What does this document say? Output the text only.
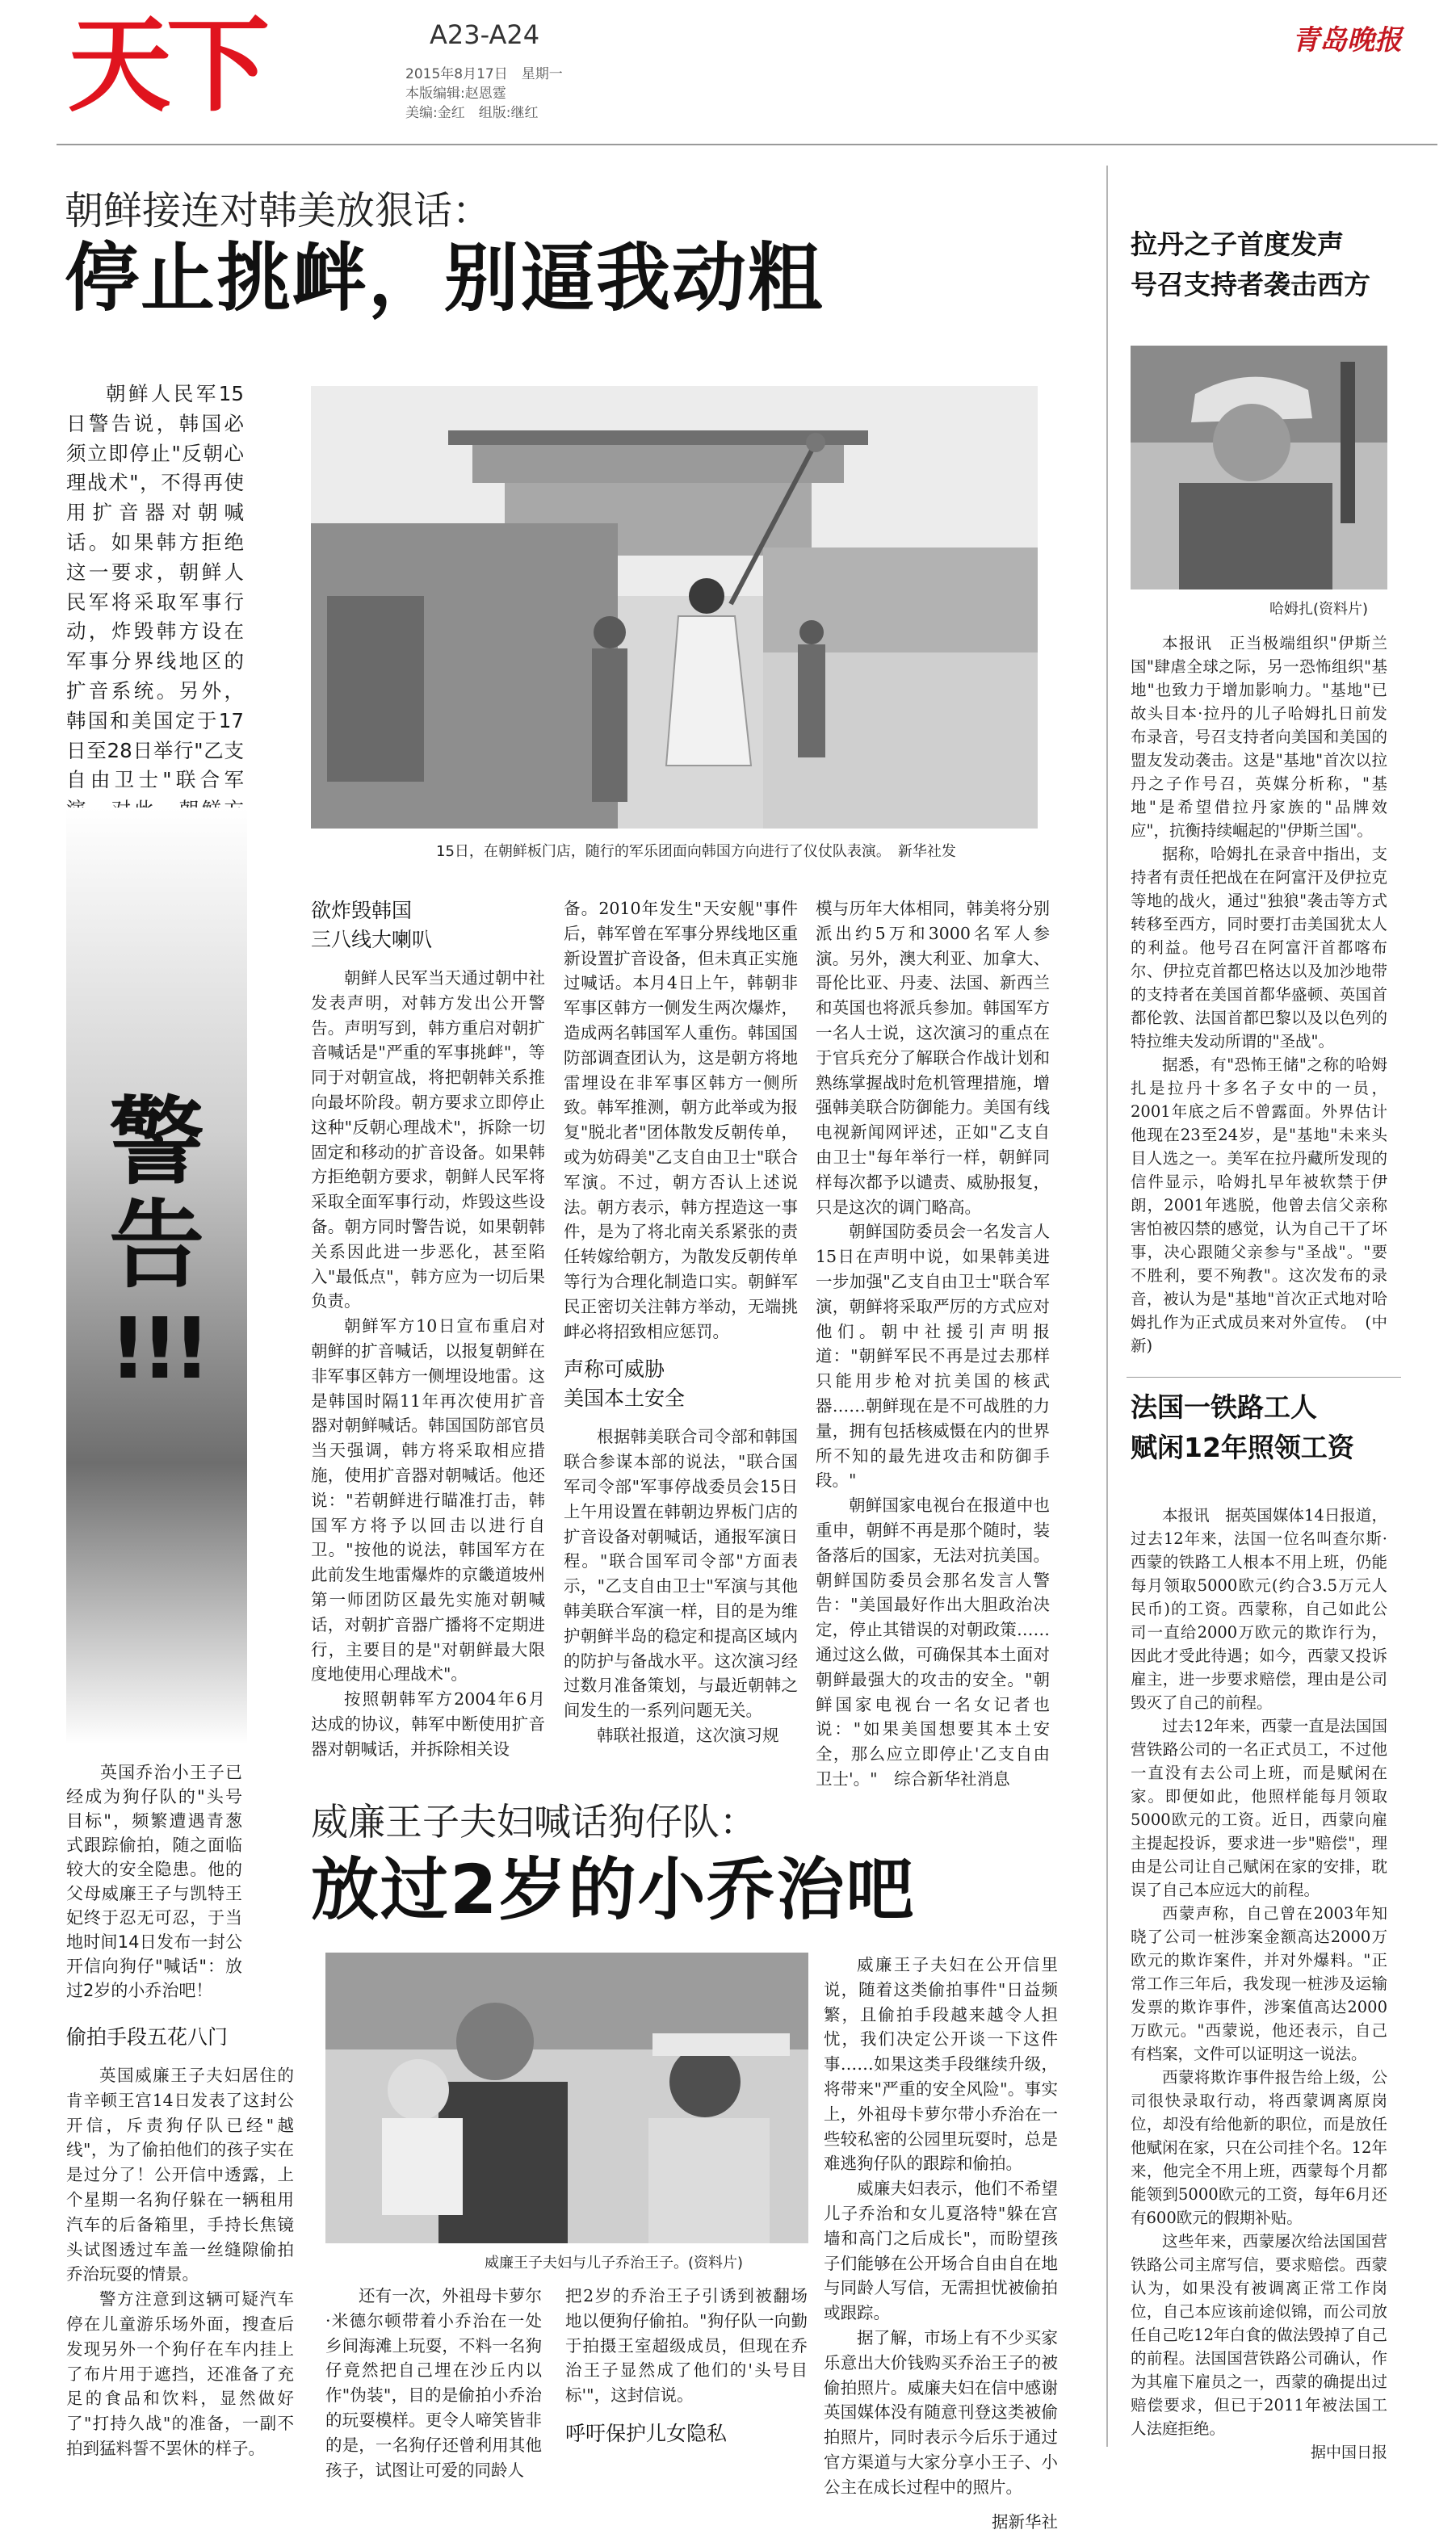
天下	A23-A24
2015年8月17日　星期一
本版编辑:赵恩霆
美编:金红　组版:继红
青岛晚报
朝鲜接连对韩美放狠话：
停止挑衅，别逼我动粗

朝鲜人民军15日警告说，韩国必须立即停止"反朝心理战术"，不得再使用扩音器对朝喊话。如果韩方拒绝这一要求，朝鲜人民军将采取军事行动，炸毁韩方设在军事分界线地区的扩音系统。另外，韩国和美国定于17日至28日举行"乙支自由卫士"联合军

警
告
!!!
15日，在朝鲜板门店，随行的军乐团面向韩国方向进行了仪仗队表演。　新华社发
欲炸毁韩国
三八线大喇叭

朝鲜人民军当天通过朝中社发表声明，对韩方发出公开警告。声明写到，韩方重启对朝扩音喊话是"严重的军事挑衅"，等同于对朝宣战，将把朝韩关系推向最坏阶段。朝方要求立即停止这种"反朝心理战术"，拆除一切固定和移动的扩音设备。如果韩方拒绝朝方要求，朝鲜人民军将采取全面军事行动，炸毁这些设备。朝方同时警告说，如果朝韩关系因此进一步恶化，甚至陷入"最低点"，韩方应为一切后果负责。

朝鲜军方10日宣布重启对朝鲜的扩音喊话，以报复朝鲜在非军事区韩方一侧埋设地雷。这是韩国时隔11年再次使用扩音器对朝鲜喊话。韩国国防部官员当天强调，韩方将采取相应措施，使用扩音器对朝喊话。他还说："若朝鲜进行瞄准打击，韩国军方将予以回击以进行自卫。"按他的说法，韩国军方在此前发生地雷爆炸的京畿道坡州第一师团防区最先实施对朝喊话，对朝扩音器广播将不定期进行，主要目的是"对朝鲜最大限度地使用心理战术"。

按照朝韩军方2004年6月达成的协议，韩军中断使用扩音器对朝喊话，并拆除相关设

备。2010年发生"天安舰"事件后，韩军曾在军事分界线地区重新设置扩音设备，但未真正实施过喊话。本月4日上午，韩朝非军事区韩方一侧发生两次爆炸，造成两名韩国军人重伤。韩国国防部调查团认为，这是朝方将地雷埋设在非军事区韩方一侧所致。韩军推测，朝方此举或为报复"脱北者"团体散发反朝传单，或为妨碍美"乙支自由卫士"联合军演。不过，朝方否认上述说法。朝方表示，韩方捏造这一事件，是为了将北南关系紧张的责任转嫁给朝方，为散发反朝传单等行为合理化制造口实。朝鲜军民正密切关注韩方举动，无端挑衅必将招致相应惩罚。

声称可威胁
美国本土安全

根据韩美联合司令部和韩国联合参谋本部的说法，"联合国军司令部"军事停战委员会15日上午用设置在韩朝边界板门店的扩音设备对朝喊话，通报军演日程。"联合国军司令部"方面表示，"乙支自由卫士"军演与其他韩美联合军演一样，目的是为维护朝鲜半岛的稳定和提高区域内的防护与备战水平。这次演习经过数月准备策划，与最近朝韩之间发生的一系列问题无关。

韩联社报道，这次演习规

模与历年大体相同，韩美将分别派出约5万和3000名军人参演。另外，澳大利亚、加拿大、哥伦比亚、丹麦、法国、新西兰和英国也将派兵参加。韩国军方一名人士说，这次演习的重点在于官兵充分了解联合作战计划和熟练掌握战时危机管理措施，增强韩美联合防御能力。美国有线电视新闻网评述，正如"乙支自由卫士"每年举行一样，朝鲜同样每次都予以谴责、威胁报复，只是这次的调门略高。

朝鲜国防委员会一名发言人15日在声明中说，如果韩美进一步加强"乙支自由卫士"联合军演，朝鲜将采取严厉的方式应对他们。朝中社援引声明报道："朝鲜军民不再是过去那样只能用步枪对抗美国的核武器……朝鲜现在是不可战胜的力量，拥有包括核威慑在内的世界所不知的最先进攻击和防御手段。"

朝鲜国家电视台在报道中也重申，朝鲜不再是那个随时，装备落后的国家，无法对抗美国。朝鲜国防委员会那名发言人警告："美国最好作出大胆政治决定，停止其错误的对朝政策……通过这么做，可确保其本土面对朝鲜最强大的攻击的安全。"朝鲜国家电视台一名女记者也说："如果美国想要其本土安全，那么应立即停止'乙支自由卫士'。"　综合新华社消息

英国乔治小王子已经成为狗仔队的"头号目标"，频繁遭遇青葱式跟踪偷拍，随之面临较大的安全隐患。他的父母威廉王子与凯特王妃终于忍无可忍，于当地时间14日发布一封公开信向狗仔"喊话"：放过2岁的小乔治吧！

威廉王子夫妇喊话狗仔队：
放过2岁的小乔治吧
威廉王子夫妇与儿子乔治王子。(资料片)
偷拍手段五花八门

英国威廉王子夫妇居住的肯辛顿王宫14日发表了这封公开信，斥责狗仔队已经"越线"，为了偷拍他们的孩子实在是过分了！公开信中透露，上个星期一名狗仔躲在一辆租用汽车的后备箱里，手持长焦镜头试图透过车盖一丝缝隙偷拍乔治玩耍的情景。

警方注意到这辆可疑汽车停在儿童游乐场外面，搜查后发现另外一个狗仔在车内挂上了布片用于遮挡，还准备了充足的食品和饮料，显然做好了"打持久战"的准备，一副不拍到猛料誓不罢休的样子。

还有一次，外祖母卡萝尔·米德尔顿带着小乔治在一处乡间海滩上玩耍，不料一名狗仔竟然把自己埋在沙丘内以作"伪装"，目的是偷拍小乔治的玩耍模样。更令人啼笑皆非的是，一名狗仔还曾利用其他孩子，试图让可爱的同龄人

把2岁的乔治王子引诱到被翻场地以便狗仔偷拍。"狗仔队一向勤于拍摄王室超级成员，但现在乔治王子显然成了他们的'头号目标'"，这封信说。

呼吁保护儿女隐私

威廉王子夫妇在公开信里说，随着这类偷拍事件"日益频繁，且偷拍手段越来越令人担忧，我们决定公开谈一下这件事……如果这类手段继续升级，将带来"严重的安全风险"。事实上，外祖母卡萝尔带小乔治在一些较私密的公园里玩耍时，总是难逃狗仔队的跟踪和偷拍。

威廉夫妇表示，他们不希望儿子乔治和女儿夏洛特"躲在宫墙和高门之后成长"，而盼望孩子们能够在公开场合自由自在地与同龄人写信，无需担忧被偷拍或跟踪。

据了解，市场上有不少买家乐意出大价钱购买乔治王子的被偷拍照片。威廉夫妇在信中感谢英国媒体没有随意刊登这类被偷拍照片，同时表示今后乐于通过官方渠道与大家分享小王子、小公主在成长过程中的照片。

据新华社
拉丹之子首度发声
号召支持者袭击西方
哈姆扎(资料片)

本报讯　正当极端组织"伊斯兰国"肆虐全球之际，另一恐怖组织"基地"也致力于增加影响力。"基地"已故头目本·拉丹的儿子哈姆扎日前发布录音，号召支持者向美国和美国的盟友发动袭击。这是"基地"首次以拉丹之子作号召，英媒分析称，"基地"是希望借拉丹家族的"品牌效应"，抗衡持续崛起的"伊斯兰国"。

据称，哈姆扎在录音中指出，支持者有责任把战在在阿富汗及伊拉克等地的战火，通过"独狼"袭击等方式转移至西方，同时要打击美国犹太人的利益。他号召在阿富汗首都喀布尔、伊拉克首都巴格达以及加沙地带的支持者在美国首都华盛顿、英国首都伦敦、法国首都巴黎以及以色列的特拉维夫发动所谓的"圣战"。

据悉，有"恐怖王储"之称的哈姆扎是拉丹十多名子女中的一员，2001年底之后不曾露面。外界估计他现在23至24岁，是"基地"未来头目人选之一。美军在拉丹藏所发现的信件显示，哈姆扎早年被软禁于伊朗，2001年逃脱，他曾去信父亲称害怕被囚禁的感觉，认为自己干了坏事，决心跟随父亲参与"圣战"。"要不胜利，要不殉教"。这次发布的录音，被认为是"基地"首次正式地对哈姆扎作为正式成员来对外宣传。　(中新)

法国一铁路工人
赋闲12年照领工资

本报讯　据英国媒体14日报道，过去12年来，法国一位名叫查尔斯·西蒙的铁路工人根本不用上班，仍能每月领取5000欧元(约合3.5万元人民币)的工资。西蒙称，自己如此公司一直给2000万欧元的欺诈行为，因此才受此待遇；如今，西蒙又投诉雇主，进一步要求赔偿，理由是公司毁灭了自己的前程。

过去12年来，西蒙一直是法国国营铁路公司的一名正式员工，不过他一直没有去公司上班，而是赋闲在家。即便如此，他照样能每月领取5000欧元的工资。近日，西蒙向雇主提起投诉，要求进一步"赔偿"，理由是公司让自己赋闲在家的安排，耽误了自己本应远大的前程。

西蒙声称，自己曾在2003年知晓了公司一桩涉案金额高达2000万欧元的欺诈案件，并对外爆料。"正常工作三年后，我发现一桩涉及运输发票的欺诈事件，涉案值高达2000万欧元。"西蒙说，他还表示，自己有档案，文件可以证明这一说法。

西蒙将欺诈事件报告给上级，公司很快录取行动，将西蒙调离原岗位，却没有给他新的职位，而是放任他赋闲在家，只在公司挂个名。12年来，他完全不用上班，西蒙每个月都能领到5000欧元的工资，每年6月还有600欧元的假期补贴。

这些年来，西蒙屡次给法国国营铁路公司主席写信，要求赔偿。西蒙认为，如果没有被调离正常工作岗位，自己本应该前途似锦，而公司放任自己吃12年白食的做法毁掉了自己的前程。法国国营铁路公司确认，作为其雇下雇员之一，西蒙的确提出过赔偿要求，但已于2011年被法国工人法庭拒绝。

据中国日报
